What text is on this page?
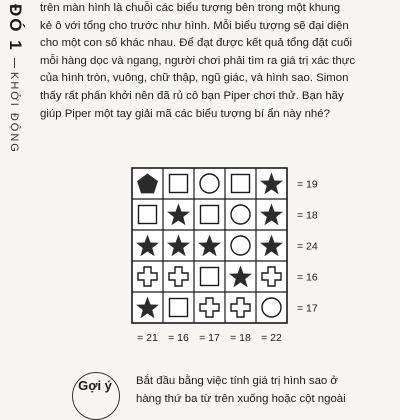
ĐÓ 1
KHỞI ĐỘNG
trên màn hình là chuỗi các biểu tượng bên trong một khung
kẻ ô với tổng cho trước như hình. Mỗi biểu tượng sẽ đại diện
cho một con số khác nhau. Để đạt được kết quả tổng đặt cuối
mỗi hàng dọc và ngang, người chơi phải tìm ra giá trị xác thực
của hình tròn, vuông, chữ thập, ngũ giác, và hình sao. Simon
thấy rất phấn khởi nên đã rủ cô bạn Piper chơi thử. Bạn hãy
giúp Piper một tay giải mã các biểu tượng bí ẩn này nhé?
= 19
= 18
= 24
= 16
= 17
= 21 = 16 = 17 = 18 = 22
Gợi ý Bắt đầu bằng việc tính giá trị hình sao ở
hàng thứ ba từ trên xuống hoặc cột ngoài
